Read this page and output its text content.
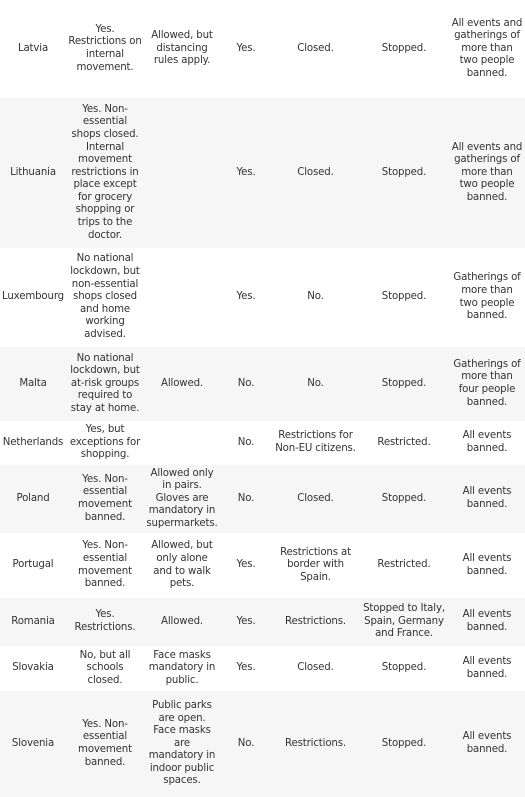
Latvia	Yes. Restrictions on internal movement.	Allowed, but distancing rules apply.	Yes.	Closed.	Stopped.	All events and gatherings of more than two people banned.
Lithuania	Yes. Non-essential shops closed. Internal movement restrictions in place except for grocery shopping or trips to the doctor.		Yes.	Closed.	Stopped.	All events and gatherings of more than two people banned.
Luxembourg	No national lockdown, but non-essential shops closed and home working advised.		Yes.	No.	Stopped.	Gatherings of more than two people banned.
Malta	No national lockdown, but at-risk groups required to stay at home.	Allowed.	No.	No.	Stopped.	Gatherings of more than four people banned.
Netherlands	Yes, but exceptions for shopping.		No.	Restrictions for Non-EU citizens.	Restricted.	All events banned.
Poland	Yes. Non-essential movement banned.	Allowed only in pairs. Gloves are mandatory in supermarkets.	No.	Closed.	Stopped.	All events banned.
Portugal	Yes. Non-essential movement banned.	Allowed, but only alone and to walk pets.	Yes.	Restrictions at border with Spain.	Restricted.	All events banned.
Romania	Yes. Restrictions.	Allowed.	Yes.	Restrictions.	Stopped to Italy, Spain, Germany and France.	All events banned.
Slovakia	No, but all schools closed.	Face masks mandatory in public.	Yes.	Closed.	Stopped.	All events banned.
Slovenia	Yes. Non-essential movement banned.	Public parks are open. Face masks are mandatory in indoor public spaces.	No.	Restrictions.	Stopped.	All events banned.
